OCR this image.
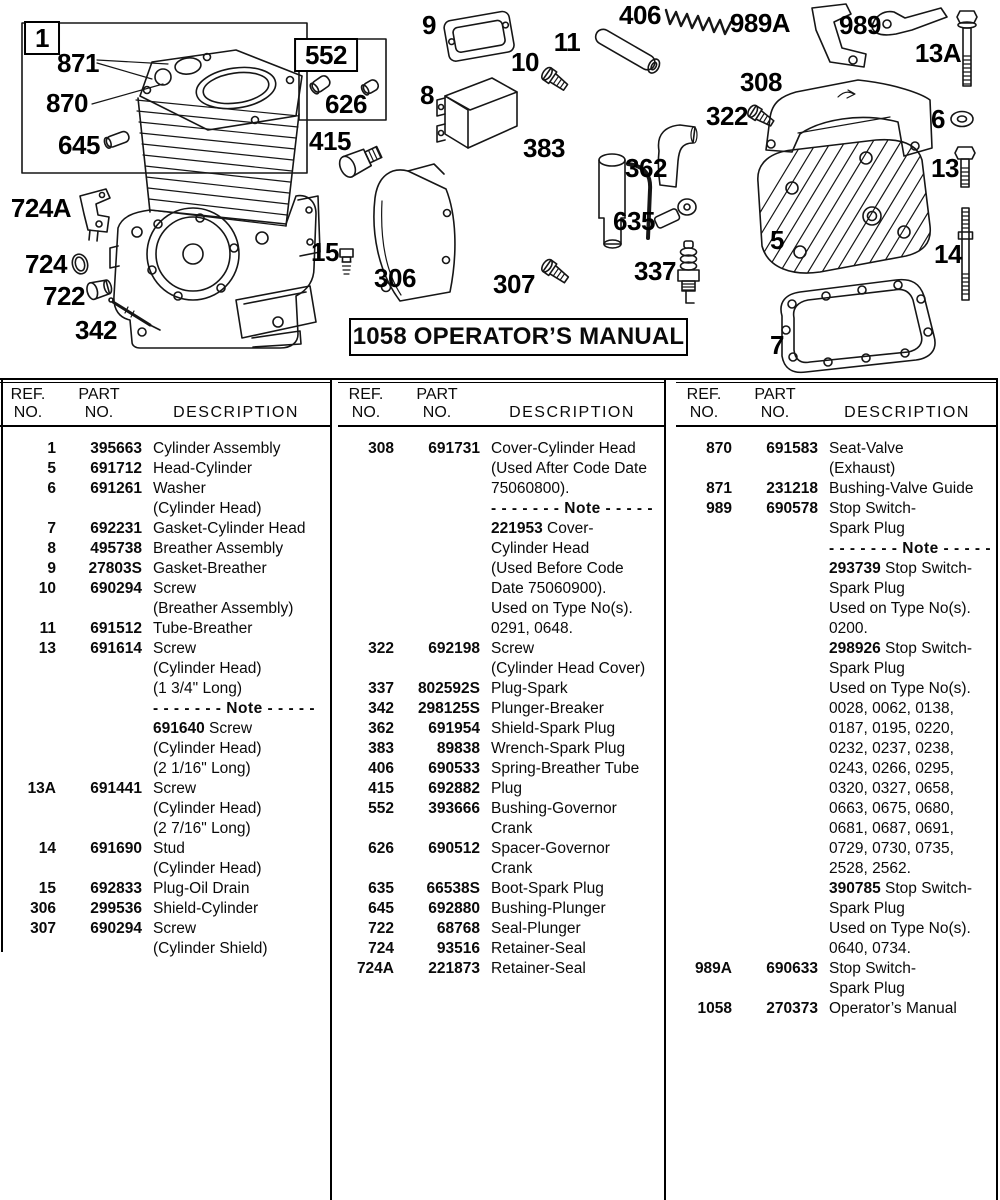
1
871
870
645
724A
724
722
342
552
626
415
15
9
10
8
11
306	307
383
362
635
337
406	989A 989
13A
308
322	6
13
5	14
7
1058 OPERATOR’S MANUAL
REF.
NO.
PART
NO.	DESCRIPTION
1	395663 Cylinder Assembly
5	691712 Head-Cylinder
6	691261 Washer
(Cylinder Head)
7	692231 Gasket-Cylinder Head
8	495738 Breather Assembly
9	27803S Gasket-Breather
10	690294 Screw
(Breather Assembly)
11	691512 Tube-Breather
13	691614 Screw
(Cylinder Head)
(1 3/4" Long)
- - - - - - - Note - - - - -
691640 Screw
(Cylinder Head)
(2 1/16" Long)
13A	691441 Screw
(Cylinder Head)
(2 7/16" Long)
14	691690 Stud
(Cylinder Head)
15	692833 Plug-Oil Drain
306	299536 Shield-Cylinder
307	690294 Screw
(Cylinder Shield)
REF.
NO.
PART
NO.	DESCRIPTION
308	691731 Cover-Cylinder Head
(Used After Code Date
75060800).
- - - - - - - Note - - - - -
221953 Cover-
Cylinder Head
(Used Before Code
Date 75060900).
Used on Type No(s).
0291, 0648.
322	692198 Screw
(Cylinder Head Cover)
337	802592S Plug-Spark
342	298125S Plunger-Breaker
362	691954 Shield-Spark Plug
383	89838 Wrench-Spark Plug
406	690533 Spring-Breather Tube
415	692882 Plug
552	393666 Bushing-Governor
Crank
626	690512 Spacer-Governor
Crank
635	66538S Boot-Spark Plug
645	692880 Bushing-Plunger
722	68768 Seal-Plunger
724	93516 Retainer-Seal
724A	221873 Retainer-Seal
REF.
NO.
PART
NO.	DESCRIPTION
870	691583 Seat-Valve
(Exhaust)
871	231218 Bushing-Valve Guide
989	690578 Stop Switch-
Spark Plug
- - - - - - - Note - - - - -
293739 Stop Switch-
Spark Plug
Used on Type No(s).
0200.
298926 Stop Switch-
Spark Plug
Used on Type No(s).
0028, 0062, 0138,
0187, 0195, 0220,
0232, 0237, 0238,
0243, 0266, 0295,
0320, 0327, 0658,
0663, 0675, 0680,
0681, 0687, 0691,
0729, 0730, 0735,
2528, 2562.
390785 Stop Switch-
Spark Plug
Used on Type No(s).
0640, 0734.
989A	690633 Stop Switch-
Spark Plug
1058	270373 Operator’s Manual
